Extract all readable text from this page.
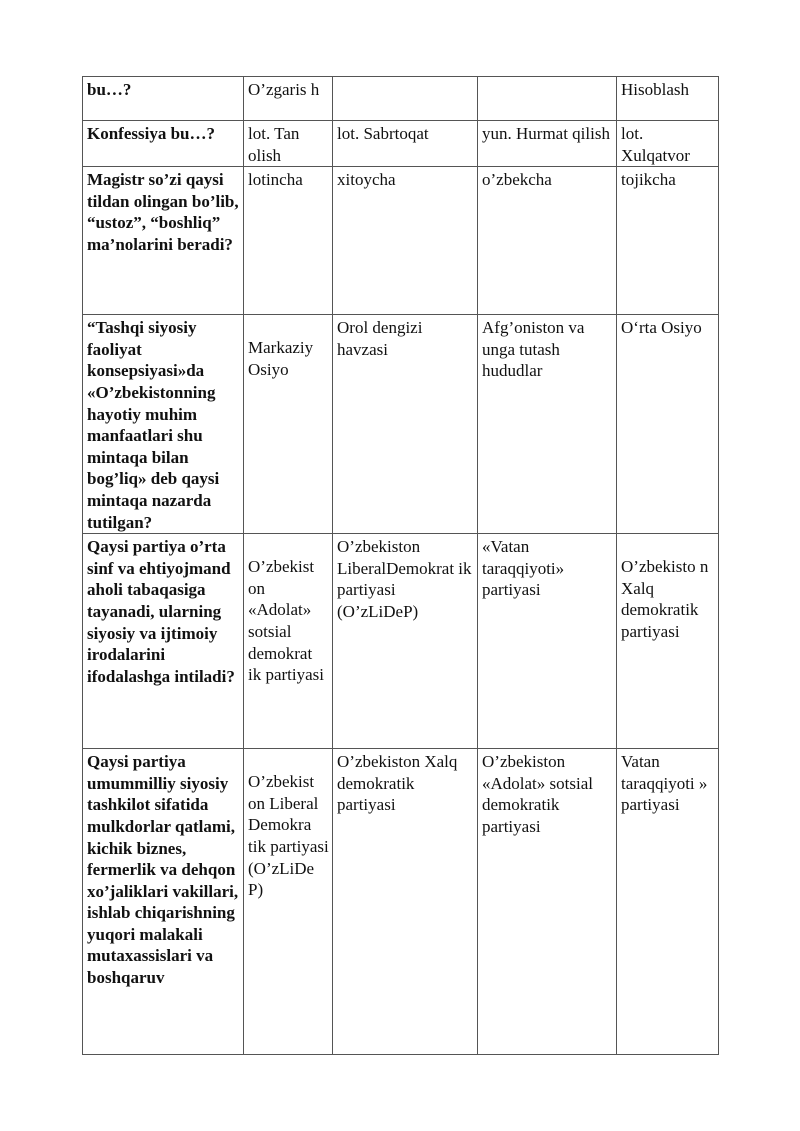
bu…?	O’zgaris h			Hisoblash
Konfessiya bu…?	lot. Tan olish	lot. Sabrtoqat	yun. Hurmat qilish	lot. Xulqatvor
Magistr so’zi qaysi tildan olingan bo’lib, “ustoz”, “boshliq” ma’nolarini beradi?	lotincha	xitoycha	o’zbekcha	tojikcha
“Tashqi siyosiy faoliyat konsepsiyasi»da «O’zbekistonning hayotiy muhim manfaatlari shu mintaqa bilan bog’liq» deb qaysi mintaqa nazarda tutilgan?	Markaziy Osiyo	Orol dengizi havzasi	Afg’oniston va unga tutash hududlar	O‘rta Osiyo
Qaysi partiya o’rta sinf va ehtiyojmand aholi tabaqasiga tayanadi, ularning siyosiy va ijtimoiy irodalarini ifodalashga intiladi?	O’zbekist on «Adolat» sotsial demokrat ik partiyasi	O’zbekiston LiberalDemokrat ik partiyasi (O’zLiDeP)	«Vatan taraqqiyoti» partiyasi	O’zbekisto n Xalq demokratik partiyasi

Qaysi partiya umummilliy siyosiy tashkilot sifatida mulkdorlar qatlami, kichik biznes, fermerlik va dehqon xo’jaliklari vakillari, ishlab chiqarishning yuqori malakali mutaxassislari va boshqaruv	O’zbekist on Liberal Demokra tik partiyasi (O’zLiDe P)	O’zbekiston Xalq demokratik partiyasi	O’zbekiston «Adolat» sotsial demokratik partiyasi	Vatan taraqqiyoti » partiyasi
